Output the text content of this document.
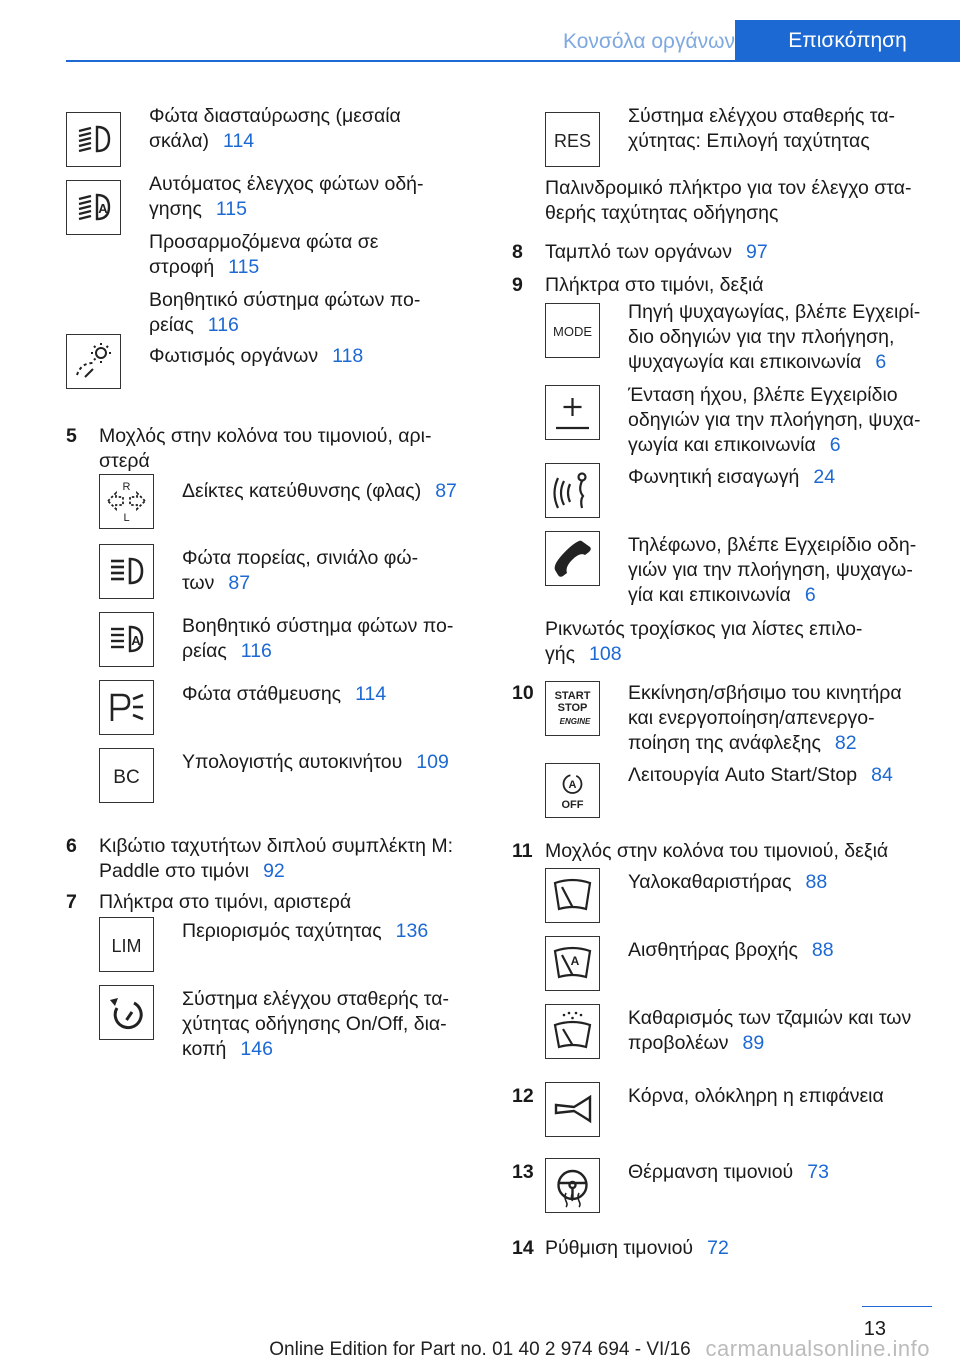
Κονσόλα οργάνων	Επισκόπηση
Φώτα διασταύρωσης (μεσαία
σκάλα) 114
A
Αυτόματος έλεγχος φώτων οδή-
γησης 115
Προσαρμοζόμενα φώτα σε
στροφή 115
Βοηθητικό σύστημα φώτων πο-
ρείας 116
Φωτισμός οργάνων 118
5	Μοχλός στην κολόνα του τιμονιού, αρι-
στερά
R
L
Δείκτες κατεύθυνσης (φλας) 87
Φώτα πορείας, σινιάλο φώ-
των 87
A
Βοηθητικό σύστημα φώτων πο-
ρείας 116
Φώτα στάθμευσης 114
BC
Υπολογιστής αυτοκινήτου 109
6	Κιβώτιο ταχυτήτων διπλού συμπλέκτη M:
Paddle στο τιμόνι 92
7	Πλήκτρα στο τιμόνι, αριστερά
LIM
Περιορισμός ταχύτητας 136
Σύστημα ελέγχου σταθερής τα-
χύτητας οδήγησης On/Off, δια-
κοπή 146
RES
Σύστημα ελέγχου σταθερής τα-
χύτητας: Επιλογή ταχύτητας
Παλινδρομικό πλήκτρο για τον έλεγχο στα-
θερής ταχύτητας οδήγησης
8	Ταμπλό των οργάνων 97
9	Πλήκτρα στο τιμόνι, δεξιά
MODE
Πηγή ψυχαγωγίας, βλέπε Εγχειρί-
διο οδηγιών για την πλοήγηση,
ψυχαγωγία και επικοινωνία 6
Ένταση ήχου, βλέπε Εγχειρίδιο
οδηγιών για την πλοήγηση, ψυχα-
γωγία και επικοινωνία 6
Φωνητική εισαγωγή 24
Τηλέφωνο, βλέπε Εγχειρίδιο οδη-
γιών για την πλοήγηση, ψυχαγω-
γία και επικοινωνία 6
Ρικνωτός τροχίσκος για λίστες επιλο-
γής 108
10	START
STOP
ENGINE
Εκκίνηση/σβήσιμο του κινητήρα
και ενεργοποίηση/απενεργο-
ποίηση της ανάφλεξης 82
A
OFF
Λειτουργία Auto Start/Stop 84
11 Μοχλός στην κολόνα του τιμονιού, δεξιά
Υαλοκαθαριστήρας 88
A Αισθητήρας βροχής 88
Καθαρισμός των τζαμιών και των
προβολέων 89
12	Κόρνα, ολόκληρη η επιφάνεια
13	Θέρμανση τιμονιού 73
14 Ρύθμιση τιμονιού 72
13
Online Edition for Part no. 01 40 2 974 694 - VI/16 carmanualsonline.info
